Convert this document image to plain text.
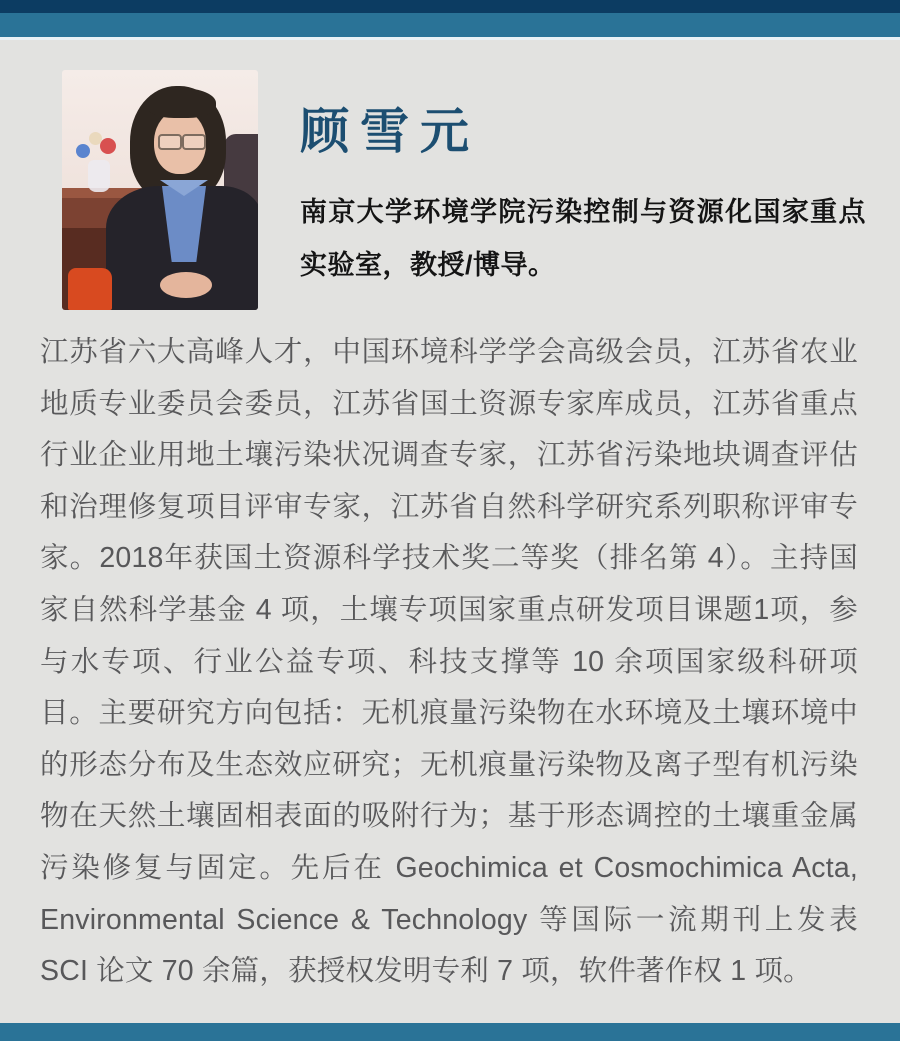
顾雪元
南京大学环境学院污染控制与资源化国家重点实验室，教授/博导。
江苏省六大高峰人才，中国环境科学学会高级会员，江苏省农业地质专业委员会委员，江苏省国土资源专家库成员，江苏省重点行业企业用地土壤污染状况调查专家，江苏省污染地块调查评估和治理修复项目评审专家，江苏省自然科学研究系列职称评审专家。2018年获国土资源科学技术奖二等奖（排名第 4）。主持国家自然科学基金 4 项，土壤专项国家重点研发项目课题1项，参与水专项、行业公益专项、科技支撑等 10 余项国家级科研项目。主要研究方向包括：无机痕量污染物在水环境及土壤环境中的形态分布及生态效应研究；无机痕量污染物及离子型有机污染物在天然土壤固相表面的吸附行为；基于形态调控的土壤重金属污染修复与固定。先后在 Geochimica et Cosmochimica Acta, Environmental Science & Technology 等国际一流期刊上发表 SCI 论文 70 余篇，获授权发明专利 7 项，软件著作权 1 项。
